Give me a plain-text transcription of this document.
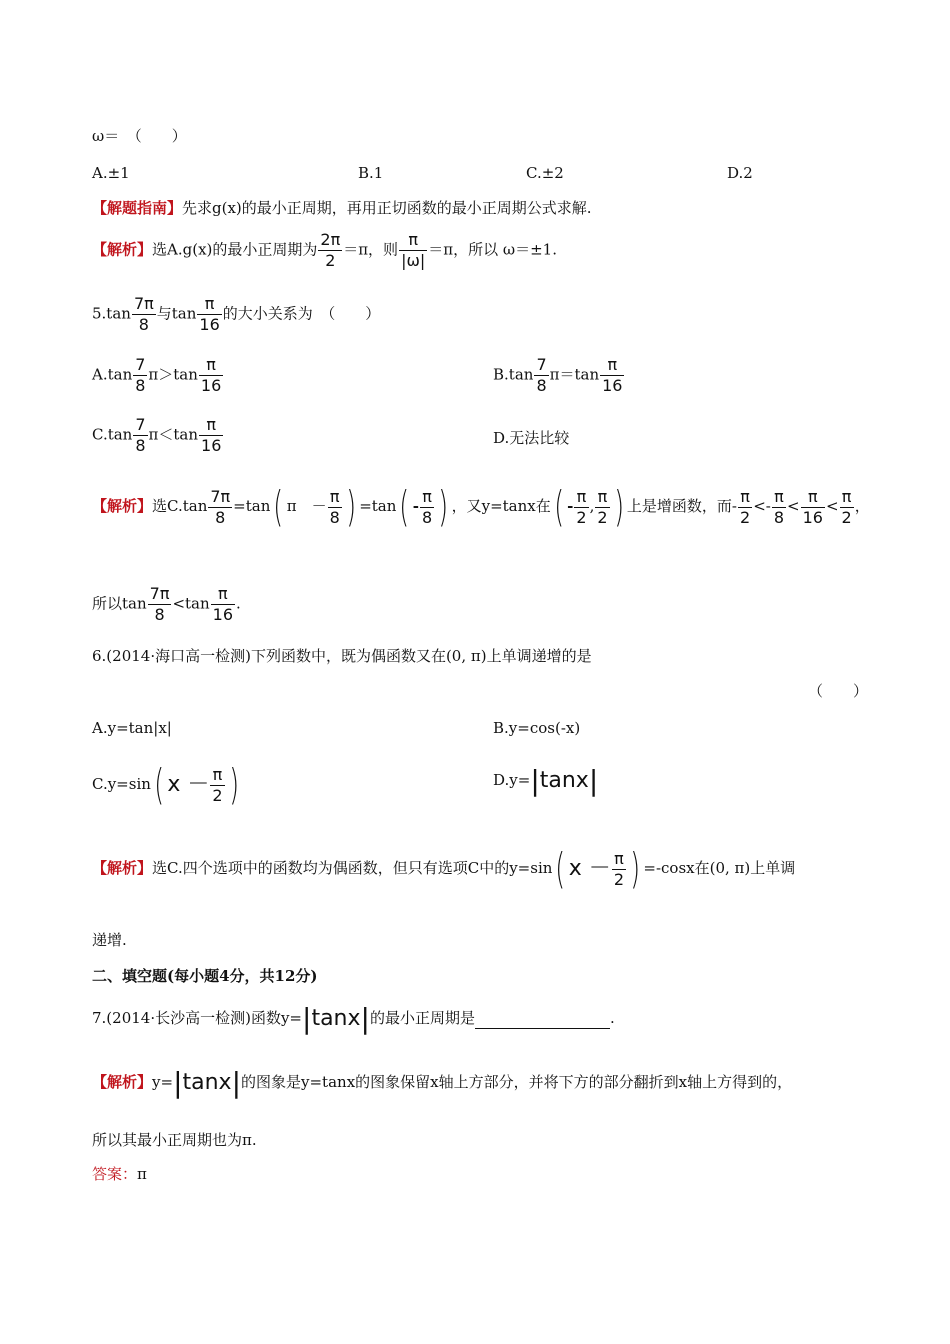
ω＝　（　　）
A.±1	B.1	C.±2	D.2
【解题指南】先求g(x)的最小正周期，再用正切函数的最小正周期公式求解.
【解析】选A.g(x)的最小正周期为 $\frac{2\pi}{2} =\pi$，则 $\frac{\pi}{|\omega|} =\pi$，所以 ω＝±1.
$5.\tan \frac{7\pi}{8}$ 与$\tan \frac{\pi}{16}$ 的大小关系为　（　　）
$A.\tan \frac{7}{8} \pi>\tan \frac{\pi}{16}$	$B.\tan \frac{7}{8} \pi=\tan \frac{\pi}{16}$
$C.\tan \frac{7}{8} \pi<\tan \frac{\pi}{16}$	D.无法比较
【解析】选$C.\tan \frac{7\pi}{8} =\tan$( π　－ $\frac{\pi}{8}$ ) $=\tan( - \frac{\pi}{8}$ ) ，又y=tanx在( - $\frac{\pi}{2}$ , $\frac{\pi}{2}$ ) 上是增函数，而- $\frac{\pi}{2} <- \frac{\pi}{8} < \frac{\pi}{16} < \frac{\pi}{2}$ ，
所以$\tan \frac{7\pi}{8} <\tan \frac{\pi}{16}$ .
6.(2014·海口高一检测)下列函数中，既为偶函数又在(0, π)上单调递增的是
（　　）
A.y=tan|x|	B.y=cos(-x)
C.y=sin( $x - \frac{\pi}{2}$ )	D.y=|tanx|
【解析】选C.四个选项中的函数均为偶函数，但只有选项C中的y=sin( $x - \frac{\pi}{2}$ ) =-cosx在(0, π)上单调
递增.
二、填空题(每小题4分，共12分)
7.(2014·长沙高一检测)函数y=|tanx|的最小正周期是	.
【解析】y=|tanx|的图象是y=tanx的图象保留x轴上方部分，并将下方的部分翻折到x轴上方得到的，
所以其最小正周期也为π.
答案：π
